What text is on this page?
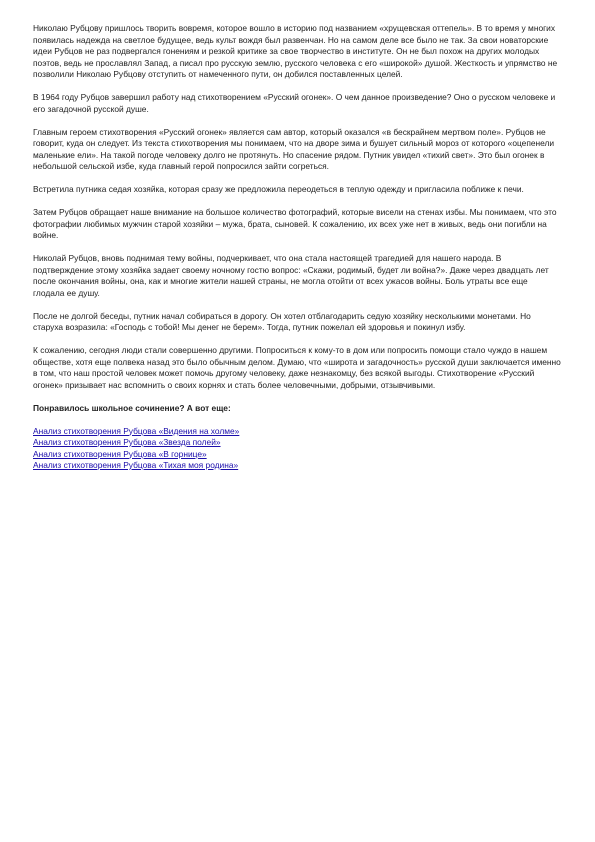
Николаю Рубцову пришлось творить вовремя, которое вошло в историю под названием «хрущевская оттепель». В то время у многих появилась надежда на светлое будущее, ведь культ вождя был развенчан. Но на самом деле все было не так. За свои новаторские идеи Рубцов не раз подвергался гонениям и резкой критике за свое творчество в институте. Он не был похож на других молодых поэтов, ведь не прославлял Запад, а писал про русскую землю, русского человека с его «широкой» душой. Жесткость и упрямство не позволили Николаю Рубцову отступить от намеченного пути, он добился поставленных целей.

В 1964 году Рубцов завершил работу над стихотворением «Русский огонек». О чем данное произведение? Оно о русском человеке и его загадочной русской душе.

Главным героем стихотворения «Русский огонек» является сам автор, который оказался «в бескрайнем мертвом поле». Рубцов не говорит, куда он следует. Из текста стихотворения мы понимаем, что на дворе зима и бушует сильный мороз от которого «оцепенели маленькие ели». На такой погоде человеку долго не протянуть. Но спасение рядом. Путник увидел «тихий свет». Это был огонек в небольшой сельской избе, куда главный герой попросился зайти согреться.

Встретила путника седая хозяйка, которая сразу же предложила переодеться в теплую одежду и пригласила поближе к печи.

Затем Рубцов обращает наше внимание на большое количество фотографий, которые висели на стенах избы. Мы понимаем, что это фотографии любимых мужчин старой хозяйки – мужа, брата, сыновей. К сожалению, их всех уже нет в живых, ведь они погибли на войне.

Николай Рубцов, вновь поднимая тему войны, подчеркивает, что она стала настоящей трагедией для нашего народа. В подтверждение этому хозяйка задает своему ночному гостю вопрос: «Скажи, родимый, будет ли война?». Даже через двадцать лет после окончания войны, она, как и многие жители нашей страны, не могла отойти от всех ужасов войны. Боль утраты все еще глодала ее душу.

После не долгой беседы, путник начал собираться в дорогу. Он хотел отблагодарить седую хозяйку несколькими монетами. Но старуха возразила: «Господь с тобой! Мы денег не берем». Тогда, путник пожелал ей здоровья и покинул избу.

К сожалению, сегодня люди стали совершенно другими. Попроситься к кому-то в дом или попросить помощи стало чуждо в нашем обществе, хотя еще полвека назад это было обычным делом. Думаю, что «широта и загадочность» русской души заключается именно в том, что наш простой человек может помочь другому человеку, даже незнакомцу, без всякой выгоды. Стихотворение «Русский огонек» призывает нас вспомнить о своих корнях и стать более человечными, добрыми, отзывчивыми.

Понравилось школьное сочинение? А вот еще:

Анализ стихотворения Рубцова «Видения на холме»
Анализ стихотворения Рубцова «Звезда полей»
Анализ стихотворения Рубцова «В горнице»
Анализ стихотворения Рубцова «Тихая моя родина»
